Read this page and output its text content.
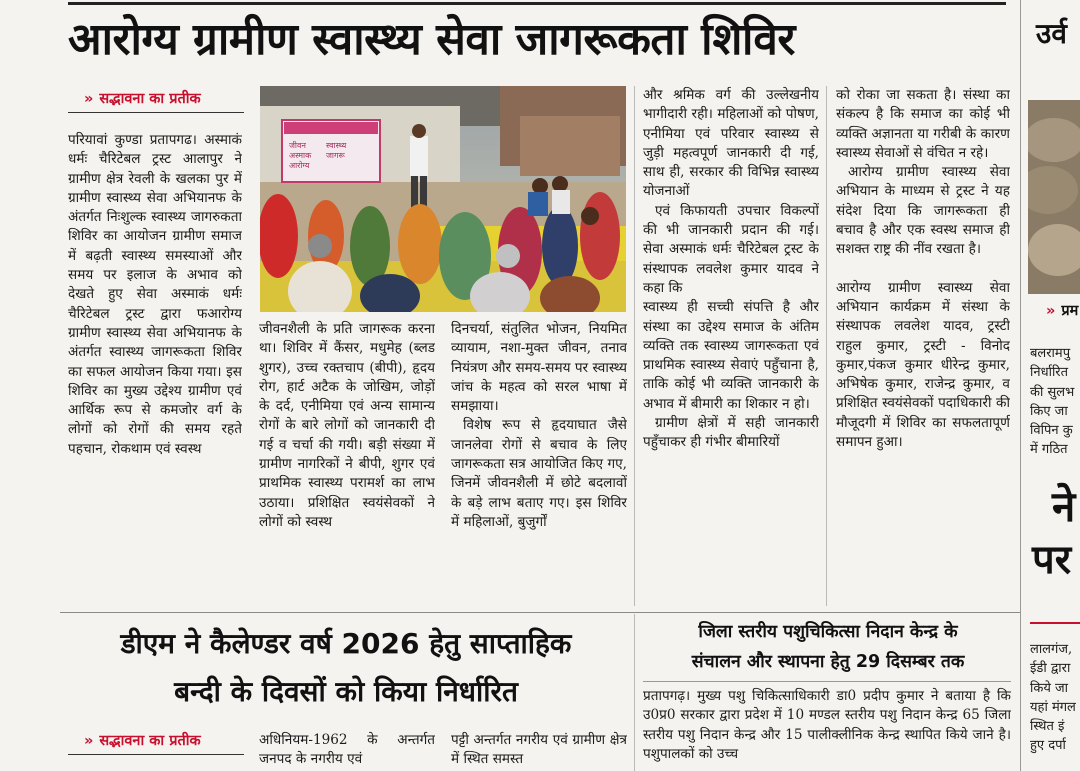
आरोग्य ग्रामीण स्वास्थ्य सेवा जागरूकता शिविर	उर्व
» सद्भावना का प्रतीक

परियावां कुण्डा प्रतापगढ। अस्माकं धर्मः चैरिटेबल ट्रस्ट आलापुर ने ग्रामीण क्षेत्र रेवली के खलका पुर में ग्रामीण स्वास्थ्य सेवा अभियानफ के अंतर्गत निःशुल्क स्वास्थ्य जागरुकता शिविर का आयोजन ग्रामीण समाज में बढ़ती स्वास्थ्य समस्याओं और समय पर इलाज के अभाव को देखते हुए सेवा अस्माकं धर्मः चैरिटेबल ट्रस्ट द्वारा फआरोग्य ग्रामीण स्वास्थ्य सेवा अभियानफ के अंतर्गत स्वास्थ्य जागरूकता शिविर का सफल आयोजन किया गया। इस शिविर का मुख्य उद्देश्य ग्रामीण एवं आर्थिक रूप से कमजोर वर्ग के लोगों को रोगों की समय रहते पहचान, रोकथाम एवं स्वस्थ

जीवन
अस्माक
आरोग्य
स्वास्थ्य
जागरू

जीवनशैली के प्रति जागरूक करना था। शिविर में कैंसर, मधुमेह (ब्लड शुगर), उच्च रक्तचाप (बीपी), हृदय रोग, हार्ट अटैक के जोखिम, जोड़ों के दर्द, एनीमिया एवं अन्य सामान्य रोगों के बारे लोगों को जानकारी दी गई व चर्चा की गयी। बड़ी संख्या में ग्रामीण नागरिकों ने बीपी, शुगर एवं प्राथमिक स्वास्थ्य परामर्श का लाभ उठाया। प्रशिक्षित स्वयंसेवकों ने लोगों को स्वस्थ

दिनचर्या, संतुलित भोजन, नियमित व्यायाम, नशा-मुक्त जीवन, तनाव नियंत्रण और समय-समय पर स्वास्थ्य जांच के महत्व को सरल भाषा में समझाया।

विशेष रूप से हृदयाघात जैसे जानलेवा रोगों से बचाव के लिए जागरूकता सत्र आयोजित किए गए, जिनमें जीवनशैली में छोटे बदलावों के बड़े लाभ बताए गए। इस शिविर में महिलाओं, बुजुर्गों

और श्रमिक वर्ग की उल्लेखनीय भागीदारी रही। महिलाओं को पोषण, एनीमिया एवं परिवार स्वास्थ्य से जुड़ी महत्वपूर्ण जानकारी दी गई, साथ ही, सरकार की विभिन्न स्वास्थ्य योजनाओं

एवं किफायती उपचार विकल्पों की भी जानकारी प्रदान की गई। सेवा अस्माकं धर्मः चैरिटेबल ट्रस्ट के संस्थापक लवलेश कुमार यादव ने कहा कि

स्वास्थ्य ही सच्ची संपत्ति है और संस्था का उद्देश्य समाज के अंतिम व्यक्ति तक स्वास्थ्य जागरूकता एवं प्राथमिक स्वास्थ्य सेवाएं पहुँचाना है, ताकि कोई भी व्यक्ति जानकारी के अभाव में बीमारी का शिकार न हो।

ग्रामीण क्षेत्रों में सही जानकारी पहुँचाकर ही गंभीर बीमारियों

को रोका जा सकता है। संस्था का संकल्प है कि समाज का कोई भी व्यक्ति अज्ञानता या गरीबी के कारण स्वास्थ्य सेवाओं से वंचित न रहे।

आरोग्य ग्रामीण स्वास्थ्य सेवा अभियान के माध्यम से ट्रस्ट ने यह संदेश दिया कि जागरूकता ही बचाव है और एक स्वस्थ समाज ही सशक्त राष्ट्र की नींव रखता है।

आरोग्य ग्रामीण स्वास्थ्य सेवा अभियान कार्यक्रम में संस्था के संस्थापक लवलेश यादव, ट्रस्टी राहुल कुमार, ट्रस्टी - विनोद कुमार,पंकज कुमार धीरेन्द्र कुमार, अभिषेक कुमार, राजेन्द्र कुमार, व प्रशिक्षित स्वयंसेवकों पदाधिकारी की मौजूदगी में शिविर का सफलतापूर्ण समापन हुआ।

» प्रम

बलरामपु निर्धारित की सुलभ किए जा विपिन कु में गठित

ने
पर

लालगंज, ईडी द्वारा किये जा यहां मंगल स्थित इं हुए दर्पा

डीएम ने कैलेण्डर वर्ष 2026 हेतु साप्ताहिक
बन्दी के दिवसों को किया निर्धारित
» सद्भावना का प्रतीक	अधिनियम-1962 के अन्तर्गत जनपद के नगरीय एवं

पट्टी अन्तर्गत नगरीय एवं ग्रामीण क्षेत्र में स्थित समस्त

जिला स्तरीय पशुचिकित्सा निदान केन्द्र के
संचालन और स्थापना हेतु 29 दिसम्बर तक

प्रतापगढ़। मुख्य पशु चिकित्साधिकारी डा0 प्रदीप कुमार ने बताया है कि उ0प्र0 सरकार द्वारा प्रदेश में 10 मण्डल स्तरीय पशु निदान केन्द्र 65 जिला स्तरीय पशु निदान केन्द्र और 15 पालीक्लीनिक केन्द्र स्थापित किये जाने है। पशुपालकों को उच्च
